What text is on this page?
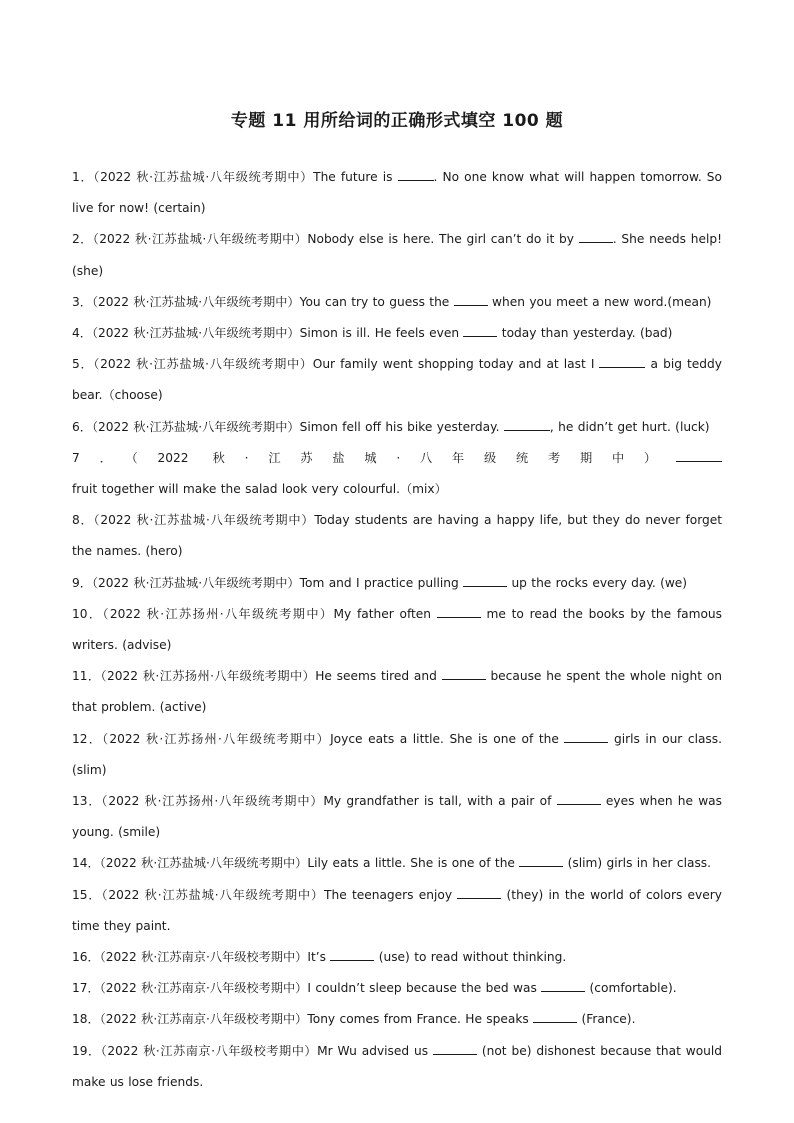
专题 11 用所给词的正确形式填空 100 题

1．（2022 秋·江苏盐城·八年级统考期中）The future is	. No one know what will happen tomorrow. So live for now! (certain)

2．（2022 秋·江苏盐城·八年级统考期中）Nobody else is here. The girl can’t do it by	. She needs help! (she)

3．（2022 秋·江苏盐城·八年级统考期中）You can try to guess the	when you meet a new word.(mean)

4．（2022 秋·江苏盐城·八年级统考期中）Simon is ill. He feels even	today than yesterday. (bad)

5．（2022 秋·江苏盐城·八年级统考期中）Our family went shopping today and at last I	a big teddy bear.（choose)

6．（2022 秋·江苏盐城·八年级统考期中）Simon fell off his bike yesterday.	, he didn’t get hurt. (luck)

7．（2022 秋·江苏盐城·八年级统考期中） fruit together will make the salad look very colourful.（mix）

8．（2022 秋·江苏盐城·八年级统考期中）Today students are having a happy life, but they do never forget the names. (hero)

9．（2022 秋·江苏盐城·八年级统考期中）Tom and I practice pulling	up the rocks every day. (we)

10．（2022 秋·江苏扬州·八年级统考期中）My father often	me to read the books by the famous writers. (advise)

11．（2022 秋·江苏扬州·八年级统考期中）He seems tired and	because he spent the whole night on that problem. (active)

12．（2022 秋·江苏扬州·八年级统考期中）Joyce eats a little. She is one of the	girls in our class. (slim)

13．（2022 秋·江苏扬州·八年级统考期中）My grandfather is tall, with a pair of	eyes when he was young. (smile)

14．（2022 秋·江苏盐城·八年级统考期中）Lily eats a little. She is one of the	(slim) girls in her class.

15．（2022 秋·江苏盐城·八年级统考期中）The teenagers enjoy	(they) in the world of colors every time they paint.

16．（2022 秋·江苏南京·八年级校考期中）It’s	(use) to read without thinking.

17．（2022 秋·江苏南京·八年级校考期中）I couldn’t sleep because the bed was	(comfortable).

18．（2022 秋·江苏南京·八年级校考期中）Tony comes from France. He speaks	(France).

19．（2022 秋·江苏南京·八年级校考期中）Mr Wu advised us	(not be) dishonest because that would make us lose friends.
